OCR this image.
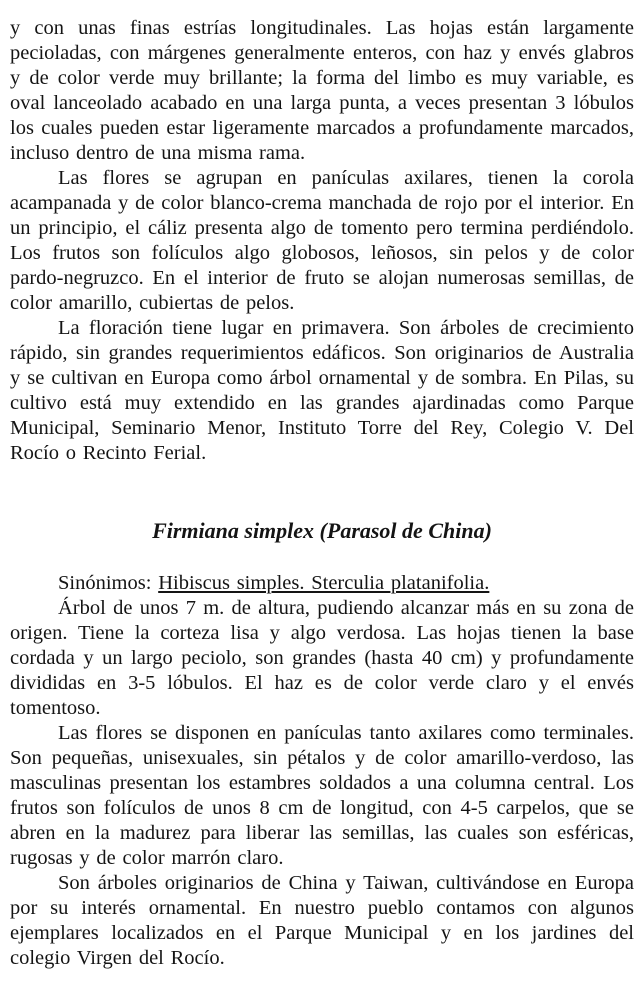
y con unas finas estrías longitudinales. Las hojas están largamente pecioladas, con márgenes generalmente enteros, con haz y envés glabros y de color verde muy brillante; la forma del limbo es muy variable, es oval lanceolado acabado en una larga punta, a veces presentan 3 lóbulos los cuales pueden estar ligeramente marcados a profundamente marcados, incluso dentro de una misma rama.

Las flores se agrupan en panículas axilares, tienen la corola acampanada y de color blanco-crema manchada de rojo por el interior. En un principio, el cáliz presenta algo de tomento pero termina perdiéndolo. Los frutos son folículos algo globosos, leñosos, sin pelos y de color pardo-negruzco. En el interior de fruto se alojan numerosas semillas, de color amarillo, cubiertas de pelos.

La floración tiene lugar en primavera. Son árboles de crecimiento rápido, sin grandes requerimientos edáficos. Son originarios de Australia y se cultivan en Europa como árbol ornamental y de sombra. En Pilas, su cultivo está muy extendido en las grandes ajardinadas como Parque Municipal, Seminario Menor, Instituto Torre del Rey, Colegio V. Del Rocío o Recinto Ferial.

Firmiana simplex (Parasol de China)

Sinónimos: Hibiscus simples. Sterculia platanifolia.

Árbol de unos 7 m. de altura, pudiendo alcanzar más en su zona de origen. Tiene la corteza lisa y algo verdosa. Las hojas tienen la base cordada y un largo peciolo, son grandes (hasta 40 cm) y profundamente divididas en 3-5 lóbulos. El haz es de color verde claro y el envés tomentoso.

Las flores se disponen en panículas tanto axilares como terminales. Son pequeñas, unisexuales, sin pétalos y de color amarillo-verdoso, las masculinas presentan los estambres soldados a una columna central. Los frutos son folículos de unos 8 cm de longitud, con 4-5 carpelos, que se abren en la madurez para liberar las semillas, las cuales son esféricas, rugosas y de color marrón claro.

Son árboles originarios de China y Taiwan, cultivándose en Europa por su interés ornamental. En nuestro pueblo contamos con algunos ejemplares localizados en el Parque Municipal y en los jardines del colegio Virgen del Rocío.
